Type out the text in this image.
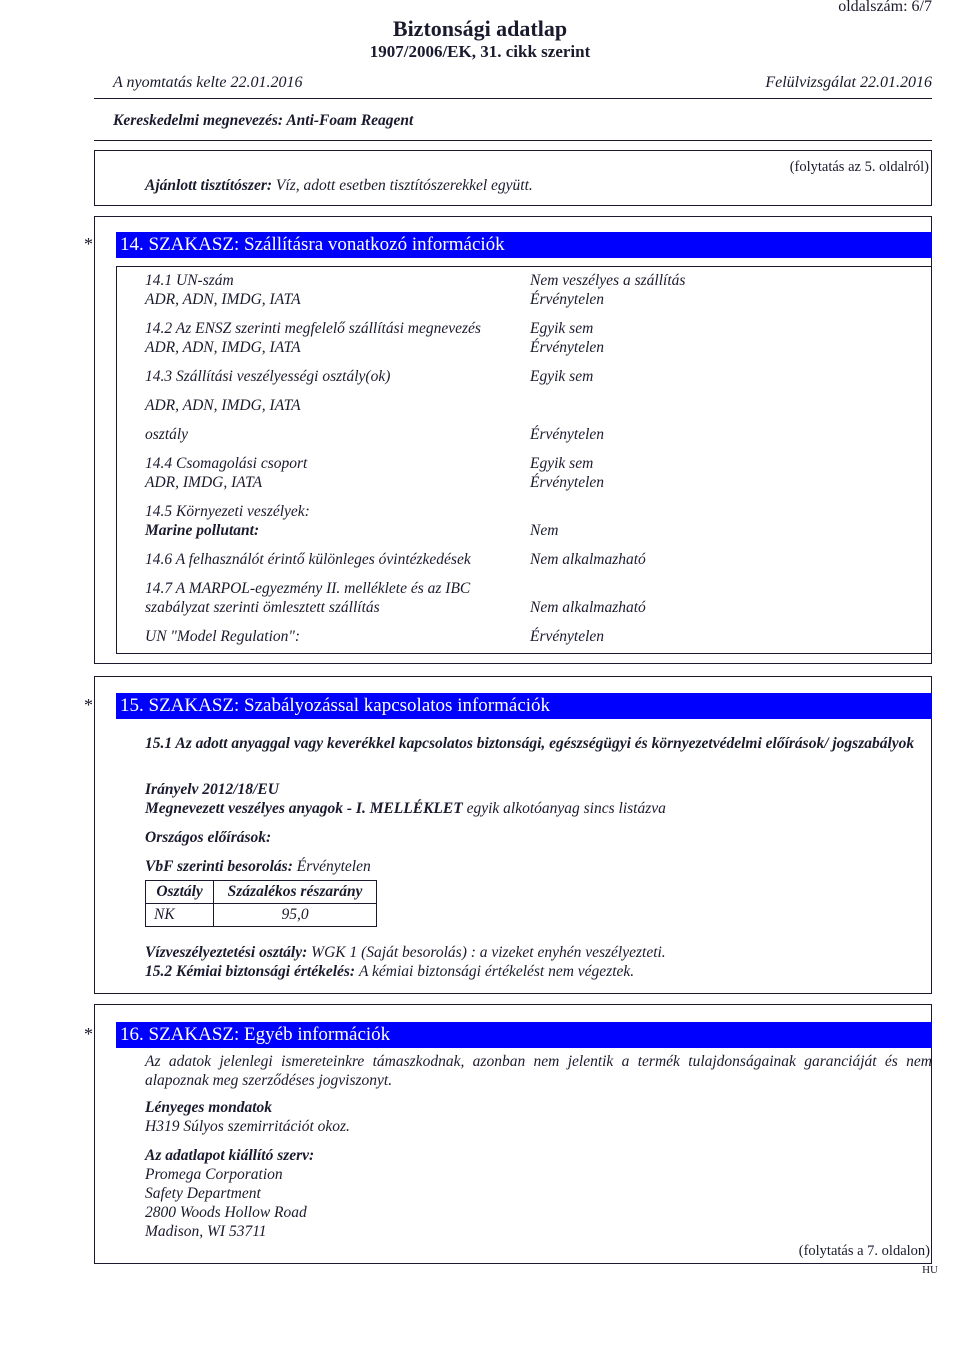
oldalszám: 6/7
Biztonsági adatlap
1907/2006/EK, 31. cikk szerint
A nyomtatás kelte 22.01.2016	Felülvizsgálat 22.01.2016
Kereskedelmi megnevezés: Anti-Foam Reagent
(folytatás az 5. oldalról)
Ajánlott tisztítószer: Víz, adott esetben tisztítószerekkel együtt.
* 14. SZAKASZ: Szállításra vonatkozó információk
14.1 UN-szám	Nem veszélyes a szállítás
ADR, ADN, IMDG, IATA	Érvénytelen
14.2 Az ENSZ szerinti megfelelő szállítási megnevezés	Egyik sem
ADR, ADN, IMDG, IATA	Érvénytelen
14.3 Szállítási veszélyességi osztály(ok)	Egyik sem
ADR, ADN, IMDG, IATA
osztály	Érvénytelen
14.4 Csomagolási csoport	Egyik sem
ADR, IMDG, IATA	Érvénytelen
14.5 Környezeti veszélyek:
Marine pollutant:	Nem
14.6 A felhasználót érintő különleges óvintézkedések	Nem alkalmazható
14.7 A MARPOL-egyezmény II. melléklete és az IBC
szabályzat szerinti ömlesztett szállítás	Nem alkalmazható
UN "Model Regulation":	Érvénytelen
* 15. SZAKASZ: Szabályozással kapcsolatos információk
15.1 Az adott anyaggal vagy keverékkel kapcsolatos biztonsági, egészségügyi és környezetvédelmi előírások/ jogszabályok
Irányelv 2012/18/EU
Megnevezett veszélyes anyagok - I. MELLÉKLET egyik alkotóanyag sincs listázva
Országos előírások:
VbF szerinti besorolás: Érvénytelen
Osztály	Százalékos részarány
NK	95,0
Vízveszélyeztetési osztály: WGK 1 (Saját besorolás) : a vizeket enyhén veszélyezteti.
15.2 Kémiai biztonsági értékelés: A kémiai biztonsági értékelést nem végeztek.
* 16. SZAKASZ: Egyéb információk
Az adatok jelenlegi ismereteinkre támaszkodnak, azonban nem jelentik a termék tulajdonságainak garanciáját és nem alapoznak meg szerződéses jogviszonyt.
Lényeges mondatok
H319 Súlyos szemirritációt okoz.
Az adatlapot kiállító szerv:
Promega Corporation
Safety Department
2800 Woods Hollow Road
Madison, WI 53711
(folytatás a 7. oldalon)
HU
